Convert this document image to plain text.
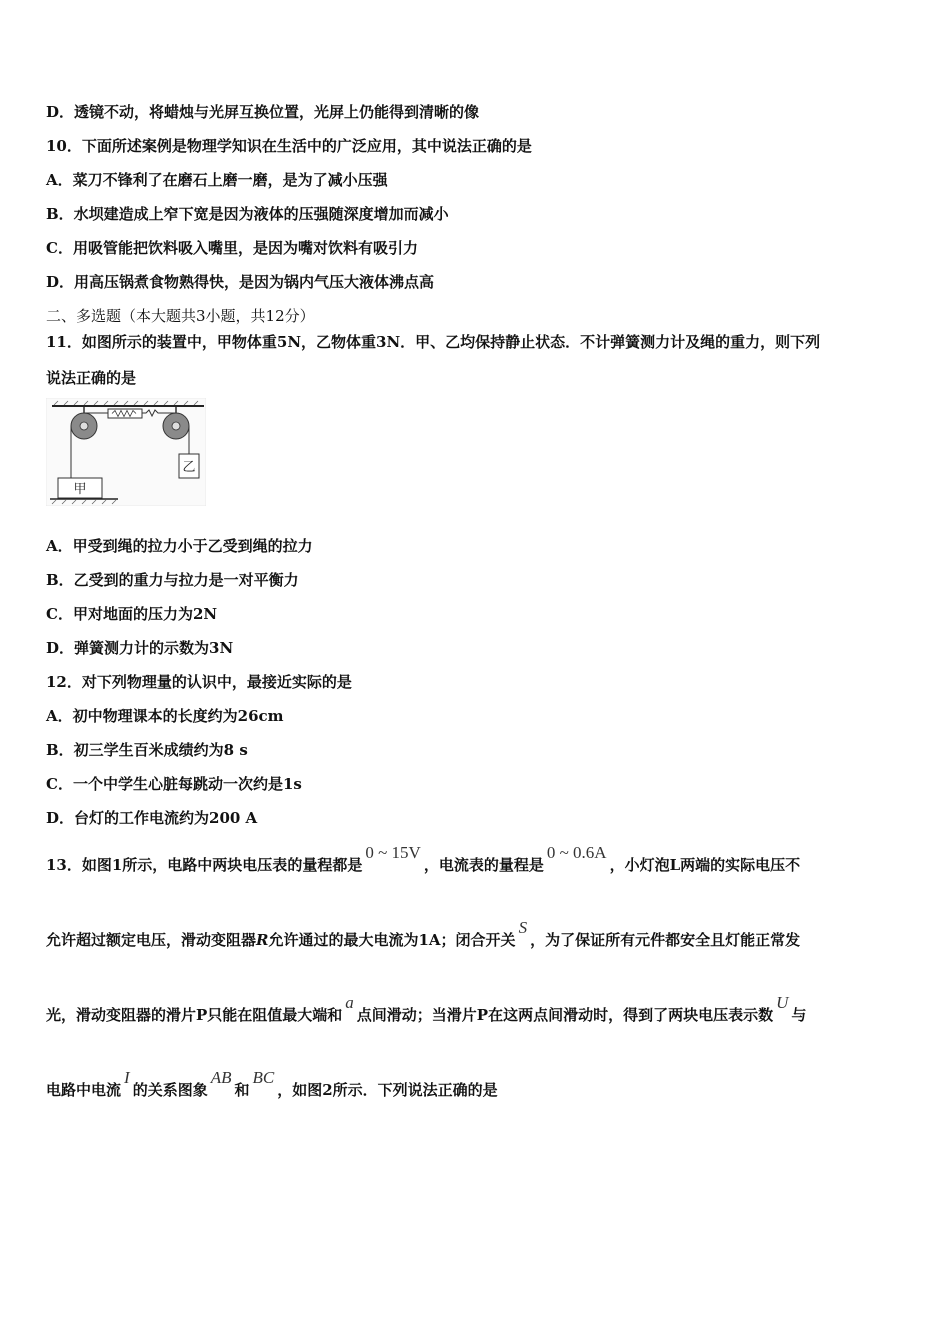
D．透镜不动，将蜡烛与光屏互换位置，光屏上仍能得到清晰的像
10．下面所述案例是物理学知识在生活中的广泛应用，其中说法正确的是
A．菜刀不锋利了在磨石上磨一磨，是为了减小压强
B．水坝建造成上窄下宽是因为液体的压强随深度增加而减小
C．用吸管能把饮料吸入嘴里，是因为嘴对饮料有吸引力
D．用高压锅煮食物熟得快，是因为锅内气压大液体沸点高
二、多选题（本大题共3小题，共12分）
11．如图所示的装置中，甲物体重5N，乙物体重3N．甲、乙均保持静止状态．不计弹簧测力计及绳的重力，则下列
说法正确的是
甲
乙
A．甲受到绳的拉力小于乙受到绳的拉力
B．乙受到的重力与拉力是一对平衡力
C．甲对地面的压力为2N
D．弹簧测力计的示数为3N
12．对下列物理量的认识中，最接近实际的是
A．初中物理课本的长度约为26cm
B．初三学生百米成绩约为8 s
C．一个中学生心脏每跳动一次约是1s
D．台灯的工作电流约为200 A
13．如图1所示，电路中两块电压表的量程都是0 ~ 15V，电流表的量程是0 ~ 0.6A，小灯泡L两端的实际电压不
允许超过额定电压，滑动变阻器R允许通过的最大电流为1A；闭合开关S，为了保证所有元件都安全且灯能正常发
光，滑动变阻器的滑片P只能在阻值最大端和a点间滑动；当滑片P在这两点间滑动时，得到了两块电压表示数U与
电路中电流I的关系图象AB和BC，如图2所示．下列说法正确的是
